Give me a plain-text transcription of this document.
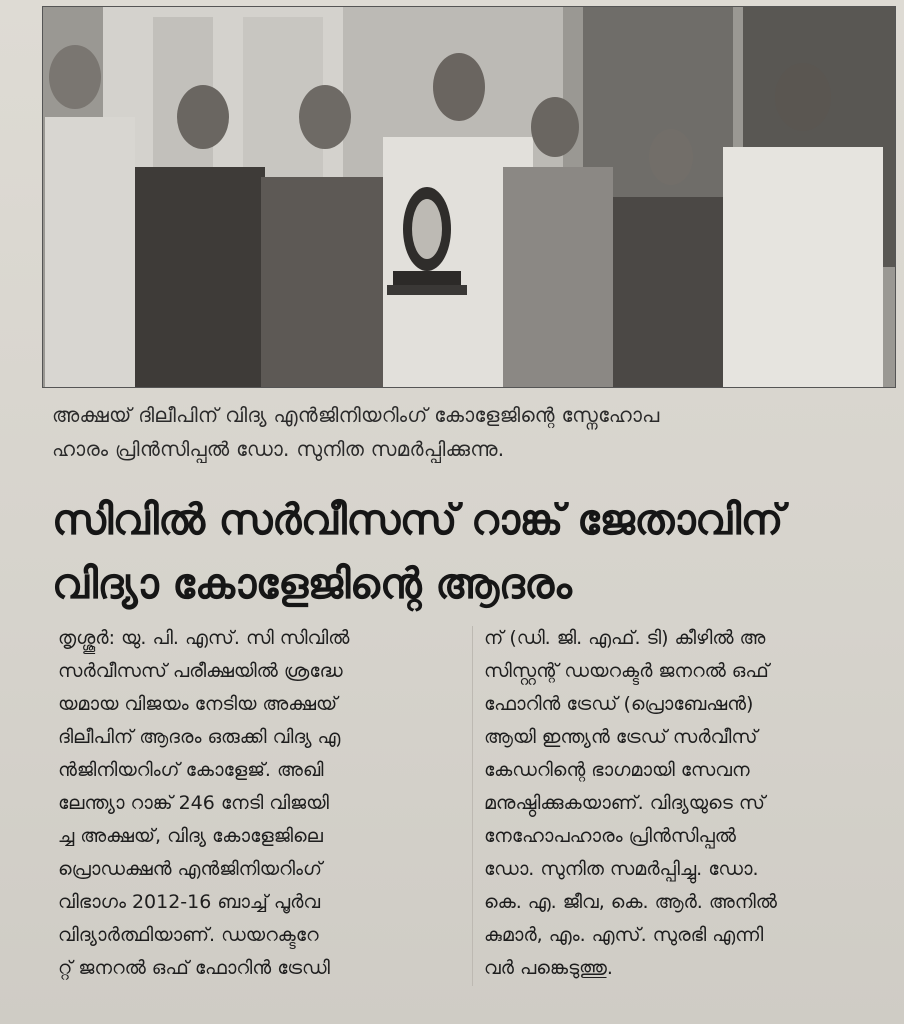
അക്ഷയ് ദിലീപിന് വിദ്യ എൻജിനിയറിംഗ് കോളേജിന്റെ സ്നേഹോപ

ഹാരം പ്രിൻസിപ്പൽ ഡോ. സുനിത സമർപ്പിക്കുന്നു.

സിവിൽ സർവീസസ് റാങ്ക് ജേതാവിന്

വിദ്യാ കോളേജിന്റെ ആദരം

തൃശ്ശൂർ: യു. പി. എസ്. സി സിവിൽ

സർവീസസ് പരീക്ഷയിൽ ശ്രദ്ധേ

യമായ വിജയം നേടിയ അക്ഷയ്

ദിലീപിന് ആദരം ഒരുക്കി വിദ്യ എ

ൻജിനിയറിംഗ് കോളേജ്. അഖി

ലേന്ത്യാ റാങ്ക് 246 നേടി വിജയി

ച്ച അക്ഷയ്, വിദ്യ കോളേജിലെ

പ്രൊഡക്ഷൻ എൻജിനിയറിംഗ്

വിഭാഗം 2012-16 ബാച്ച് പൂർവ

വിദ്യാർത്ഥിയാണ്. ഡയറക്ടറേ

റ്റ് ജനറൽ ഒഫ് ഫോറിൻ ട്രേഡി

ന് (ഡി. ജി. എഫ്. ടി) കീഴിൽ അ

സിസ്റ്റന്റ് ഡയറക്ടർ ജനറൽ ഒഫ്

ഫോറിൻ ട്രേഡ് (പ്രൊബേഷൻ)

ആയി ഇന്ത്യൻ ട്രേഡ് സർവീസ്

കേഡറിന്റെ ഭാഗമായി സേവന

മനുഷ്ഠിക്കുകയാണ്. വിദ്യയുടെ സ്

നേഹോപഹാരം പ്രിൻസിപ്പൽ

ഡോ. സുനിത സമർപ്പിച്ചു. ഡോ.

കെ. എ. ജീവ, കെ. ആർ. അനിൽ

കുമാർ, എം. എസ്. സുരഭി എന്നി

വർ പങ്കെടുത്തു.
